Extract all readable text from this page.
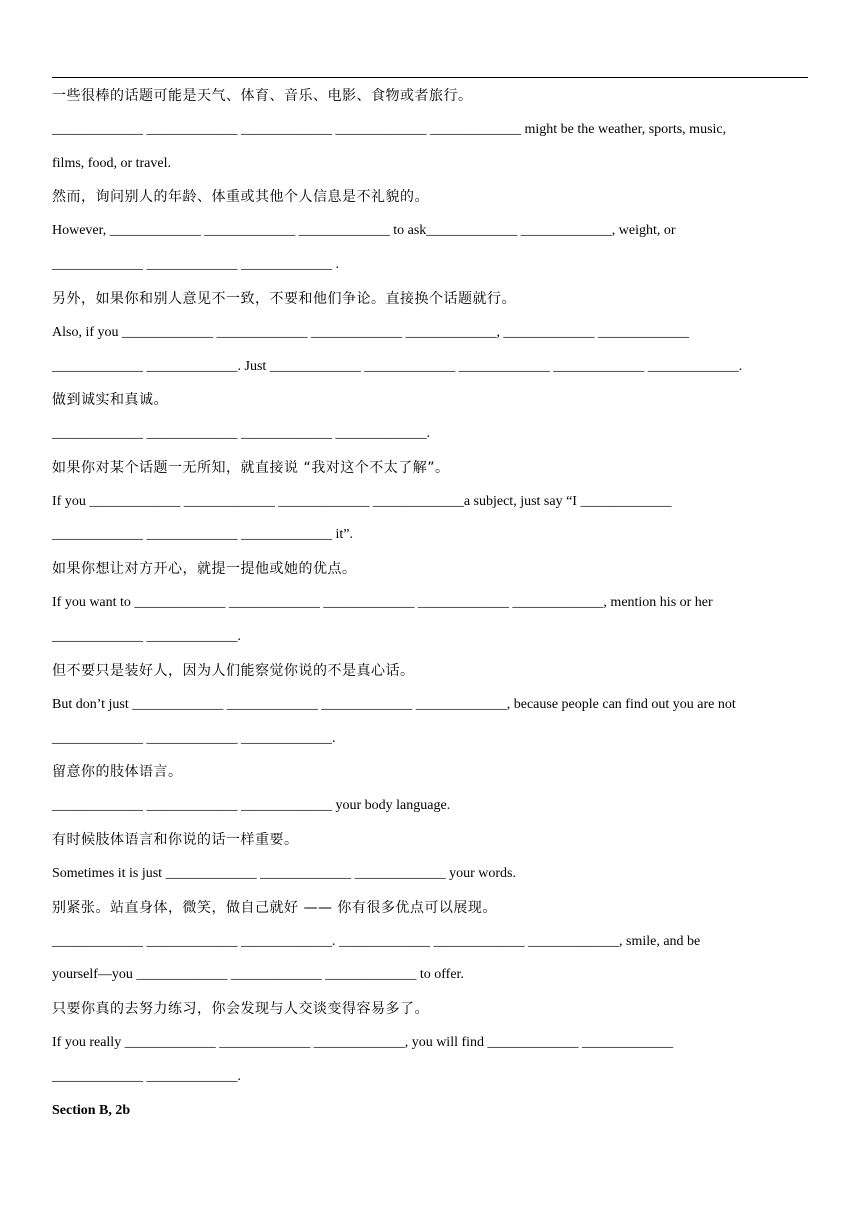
一些很棒的话题可能是天气、体育、音乐、电影、食物或者旅行。
_____________ _____________ _____________ _____________ _____________ might be the weather, sports, music,
films, food, or travel.
然而，询问别人的年龄、体重或其他个人信息是不礼貌的。
However, _____________ _____________ _____________ to ask_____________ _____________, weight, or
_____________ _____________ _____________ .
另外，如果你和别人意见不一致，不要和他们争论。直接换个话题就行。
Also, if you _____________ _____________ _____________ _____________, _____________ _____________
_____________ _____________. Just _____________ _____________ _____________ _____________ _____________.
做到诚实和真诚。
_____________ _____________ _____________ _____________.
如果你对某个话题一无所知，就直接说 “我对这个不太了解”。
If you _____________ _____________ _____________ _____________a subject, just say “I _____________
_____________ _____________ _____________ it”.
如果你想让对方开心，就提一提他或她的优点。
If you want to _____________ _____________ _____________ _____________ _____________, mention his or her
_____________ _____________.
但不要只是装好人，因为人们能察觉你说的不是真心话。
But don’t just _____________ _____________ _____________ _____________, because people can find out you are not
_____________ _____________ _____________.
留意你的肢体语言。
_____________ _____________ _____________ your body language.
有时候肢体语言和你说的话一样重要。
Sometimes it is just _____________ _____________ _____________ your words.
别紧张。站直身体，微笑，做自己就好 —— 你有很多优点可以展现。
_____________ _____________ _____________. _____________ _____________ _____________, smile, and be
yourself—you _____________ _____________ _____________ to offer.
只要你真的去努力练习，你会发现与人交谈变得容易多了。
If you really _____________ _____________ _____________, you will find _____________ _____________
_____________ _____________.
Section B, 2b
